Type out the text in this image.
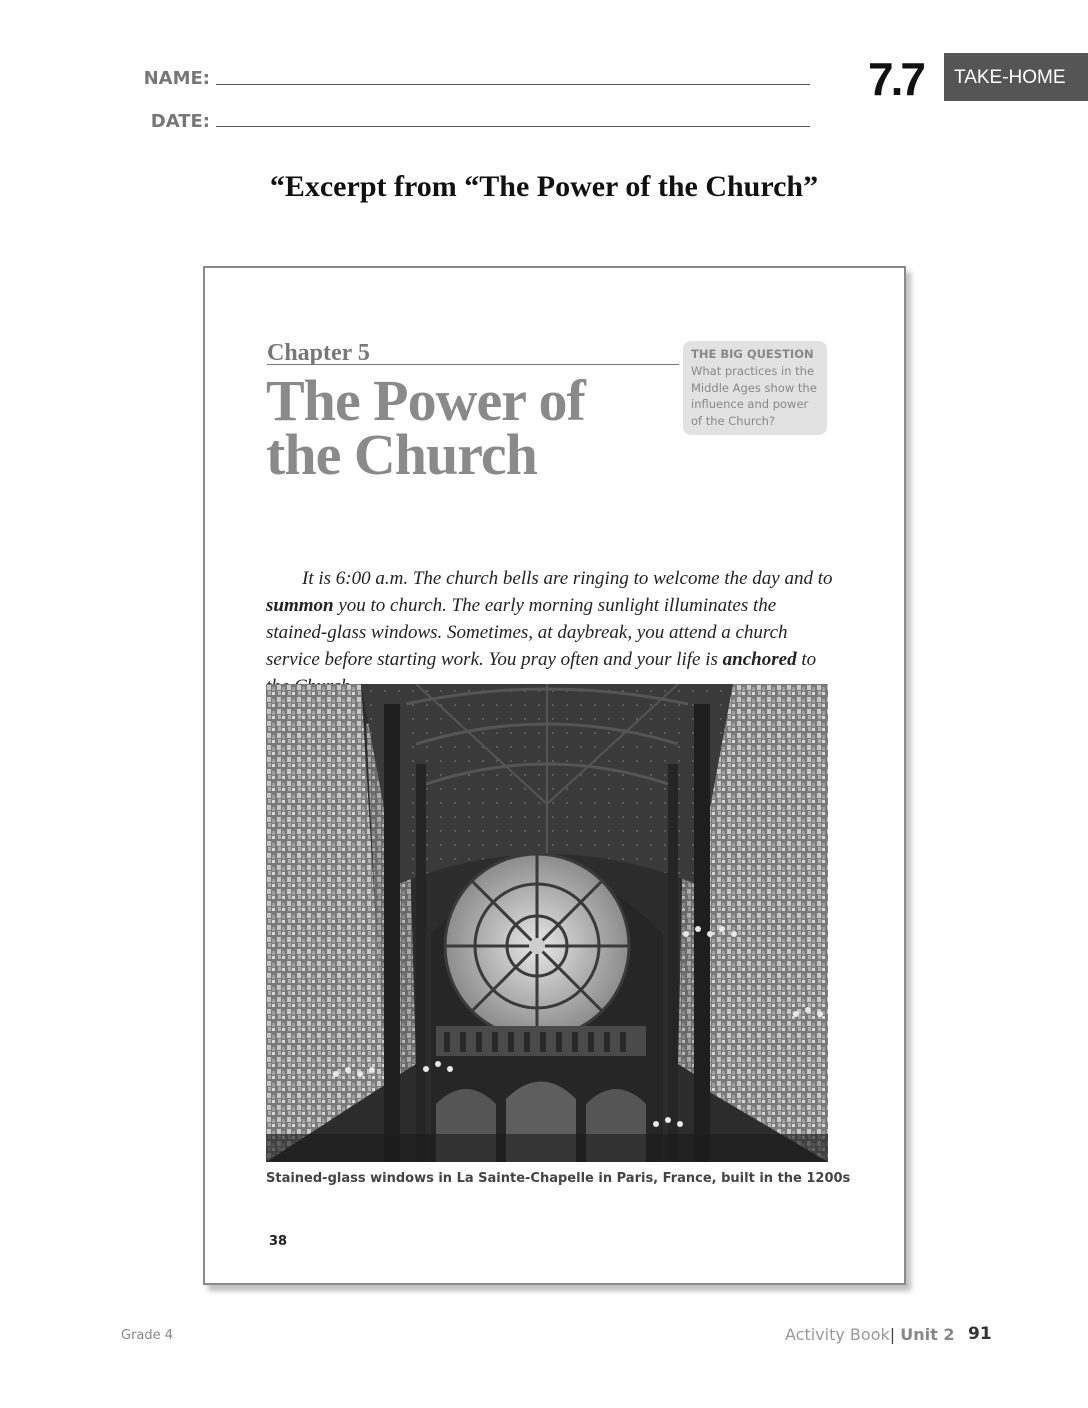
NAME:
DATE:
7.7	TAKE-HOME
“Excerpt from “The Power of the Church”
Chapter 5
The Power of
the Church
THE BIG QUESTION
What practices in the
Middle Ages show the
influence and power
of the Church?
It is 6:00 a.m. The church bells are ringing to welcome the day and to summon you to church. The early morning sunlight illuminates the stained-glass windows. Sometimes, at daybreak, you attend a church service before starting work. You pray often and your life is anchored to
Stained-glass windows in La Sainte-Chapelle in Paris, France, built in the 1200s
38
Grade 4	Activity Book| Unit 2 91
